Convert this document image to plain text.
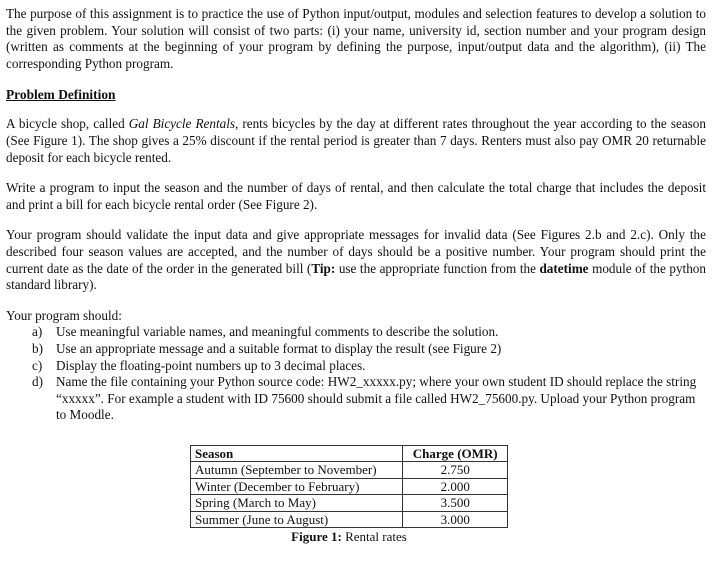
The purpose of this assignment is to practice the use of Python input/output, modules and selection features to develop a solution to the given problem. Your solution will consist of two parts: (i) your name, university id, section number and your program design (written as comments at the beginning of your program by defining the purpose, input/output data and the algorithm), (ii) The corresponding Python program.

Problem Definition

A bicycle shop, called Gal Bicycle Rentals, rents bicycles by the day at different rates throughout the year according to the season (See Figure 1). The shop gives a 25% discount if the rental period is greater than 7 days. Renters must also pay OMR 20 returnable deposit for each bicycle rented.

Write a program to input the season and the number of days of rental, and then calculate the total charge that includes the deposit and print a bill for each bicycle rental order (See Figure 2).

Your program should validate the input data and give appropriate messages for invalid data (See Figures 2.b and 2.c). Only the described four season values are accepted, and the number of days should be a positive number. Your program should print the current date as the date of the order in the generated bill (Tip: use the appropriate function from the datetime module of the python standard library).

Your program should:

a)	Use meaningful variable names, and meaningful comments to describe the solution.
b) Use an appropriate message and a suitable format to display the result (see Figure 2)
c)	Display the floating-point numbers up to 3 decimal places.
d) Name the file containing your Python source code: HW2_xxxxx.py; where your own student ID should replace the string “xxxxx”. For example a student with ID 75600 should submit a file called HW2_75600.py. Upload your Python program to Moodle.
Season	Charge (OMR)
Autumn (September to November)	2.750
Winter (December to February)	2.000
Spring (March to May)	3.500
Summer (June to August)	3.000
Figure 1: Rental rates
